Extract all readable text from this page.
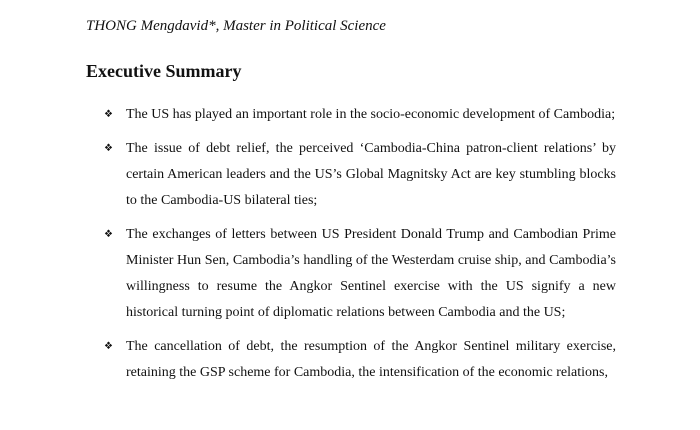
THONG Mengdavid*, Master in Political Science
Executive Summary
❖ The US has played an important role in the socio-economic development of Cambodia;
❖ The issue of debt relief, the perceived ‘Cambodia-China patron-client relations’ by certain American leaders and the US’s Global Magnitsky Act are key stumbling blocks to the Cambodia-US bilateral ties;
❖ The exchanges of letters between US President Donald Trump and Cambodian Prime Minister Hun Sen, Cambodia’s handling of the Westerdam cruise ship, and Cambodia’s willingness to resume the Angkor Sentinel exercise with the US signify a new historical turning point of diplomatic relations between Cambodia and the US;
❖ The cancellation of debt, the resumption of the Angkor Sentinel military exercise, retaining the GSP scheme for Cambodia, the intensification of the economic relations,
